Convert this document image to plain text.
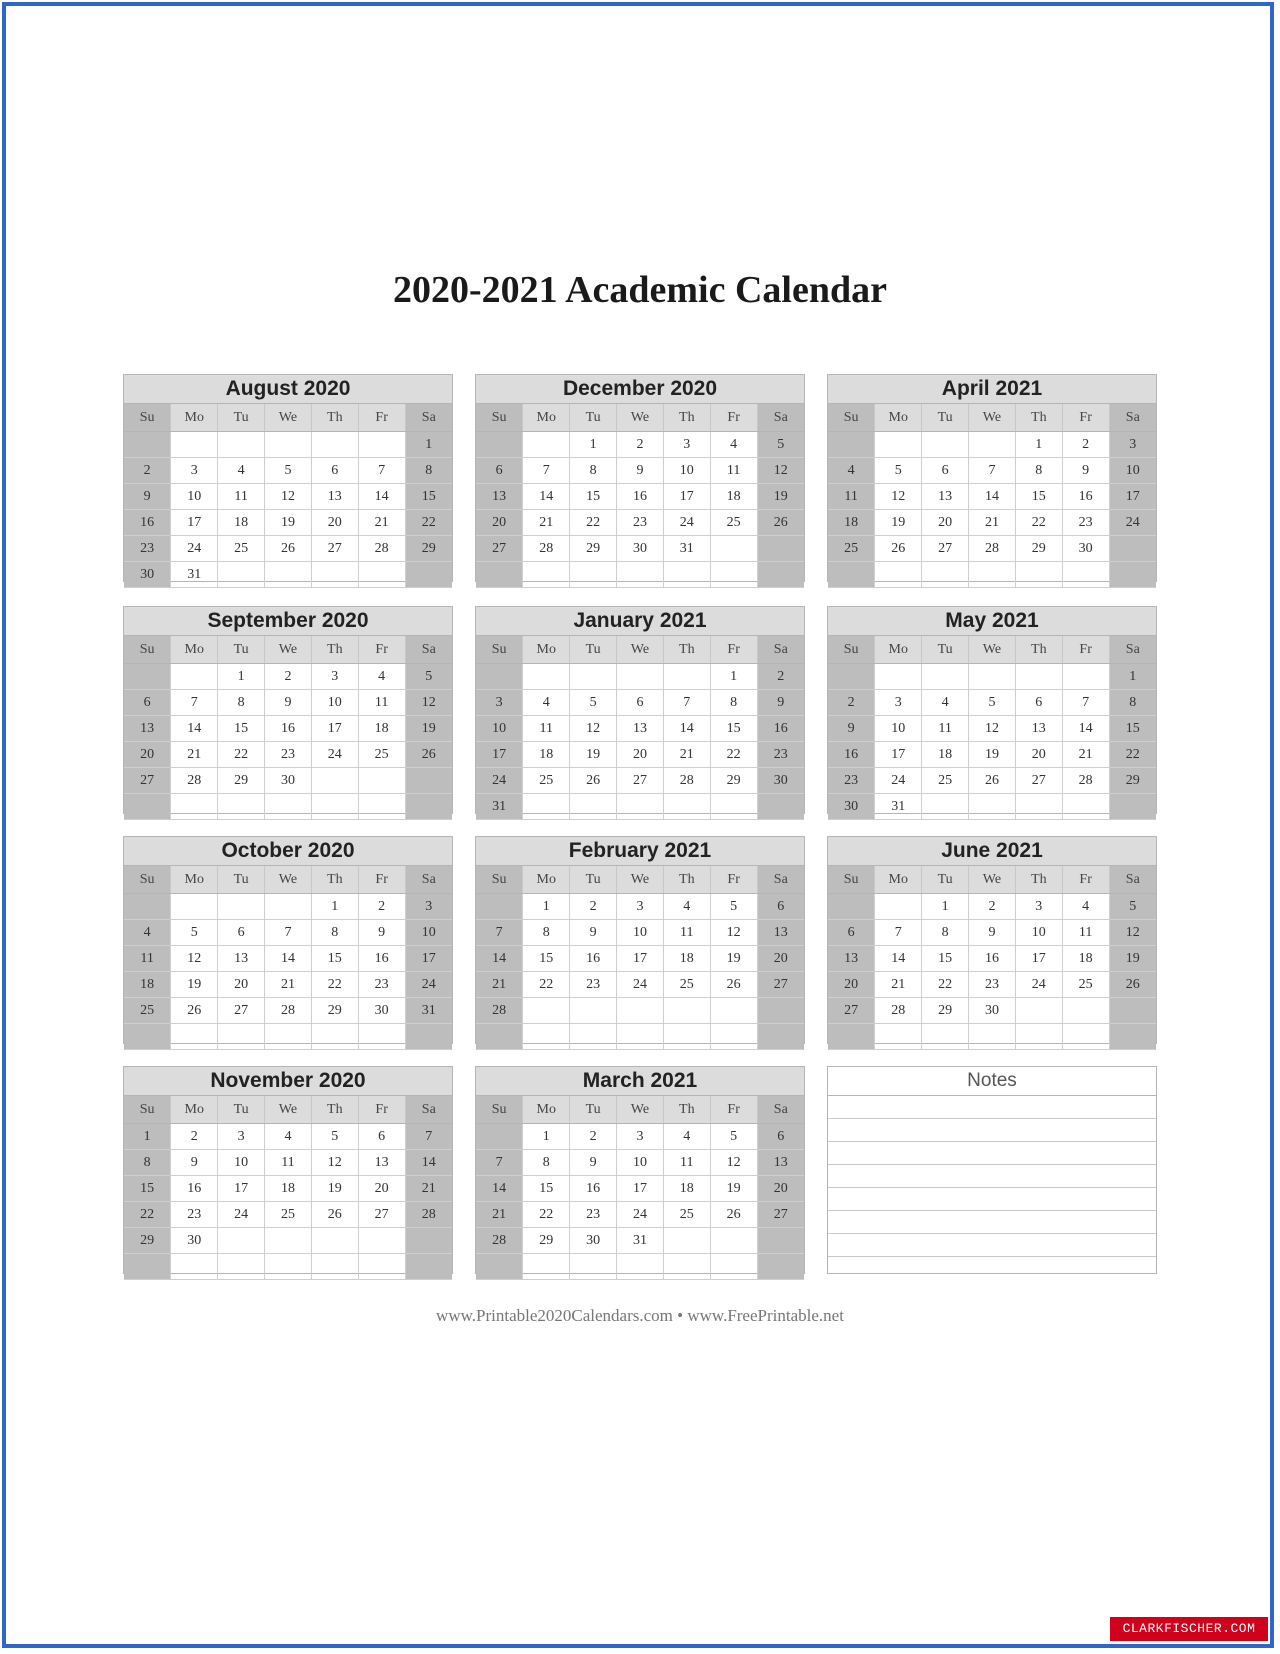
2020-2021 Academic Calendar
August 2020
Su	Mo	Tu	We	Th	Fr	Sa
						1
2	3	4	5	6	7	8
9	10	11	12	13	14	15
16	17	18	19	20	21	22
23	24	25	26	27	28	29
30	31					
December 2020
Su	Mo	Tu	We	Th	Fr	Sa
		1	2	3	4	5
6	7	8	9	10	11	12
13	14	15	16	17	18	19
20	21	22	23	24	25	26
27	28	29	30	31		

April 2021
Su	Mo	Tu	We	Th	Fr	Sa
				1	2	3
4	5	6	7	8	9	10
11	12	13	14	15	16	17
18	19	20	21	22	23	24
25	26	27	28	29	30	

September 2020
Su	Mo	Tu	We	Th	Fr	Sa
		1	2	3	4	5
6	7	8	9	10	11	12
13	14	15	16	17	18	19
20	21	22	23	24	25	26
27	28	29	30			

January 2021
Su	Mo	Tu	We	Th	Fr	Sa
					1	2
3	4	5	6	7	8	9
10	11	12	13	14	15	16
17	18	19	20	21	22	23
24	25	26	27	28	29	30
31						
May 2021
Su	Mo	Tu	We	Th	Fr	Sa
						1
2	3	4	5	6	7	8
9	10	11	12	13	14	15
16	17	18	19	20	21	22
23	24	25	26	27	28	29
30	31					
October 2020
Su	Mo	Tu	We	Th	Fr	Sa
				1	2	3
4	5	6	7	8	9	10
11	12	13	14	15	16	17
18	19	20	21	22	23	24
25	26	27	28	29	30	31

February 2021
Su	Mo	Tu	We	Th	Fr	Sa
	1	2	3	4	5	6
7	8	9	10	11	12	13
14	15	16	17	18	19	20
21	22	23	24	25	26	27
28						

June 2021
Su	Mo	Tu	We	Th	Fr	Sa
		1	2	3	4	5
6	7	8	9	10	11	12
13	14	15	16	17	18	19
20	21	22	23	24	25	26
27	28	29	30			

November 2020
Su	Mo	Tu	We	Th	Fr	Sa
1	2	3	4	5	6	7
8	9	10	11	12	13	14
15	16	17	18	19	20	21
22	23	24	25	26	27	28
29	30					

March 2021
Su	Mo	Tu	We	Th	Fr	Sa
	1	2	3	4	5	6
7	8	9	10	11	12	13
14	15	16	17	18	19	20
21	22	23	24	25	26	27
28	29	30	31			

Notes
www.Printable2020Calendars.com • www.FreePrintable.net
CLARKFISCHER.COM
